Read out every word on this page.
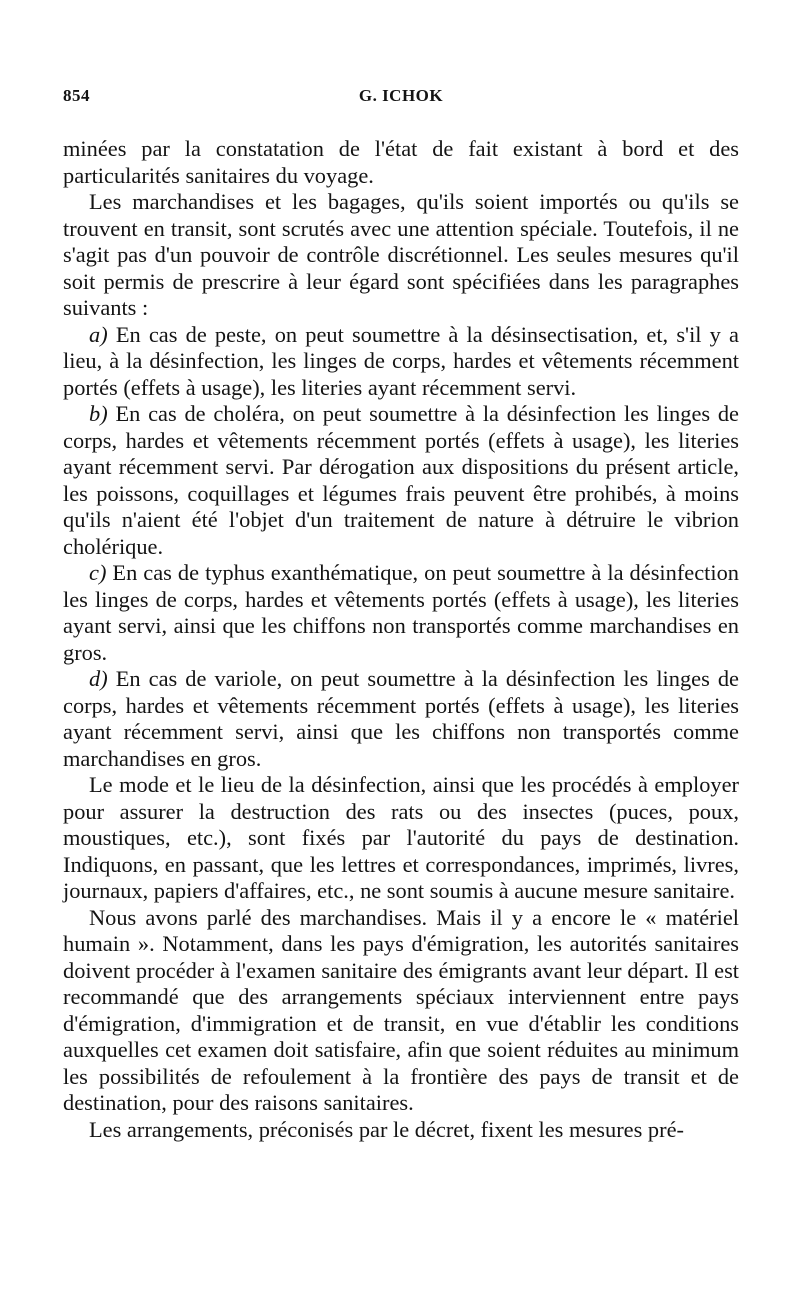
854	G. ICHOK

minées par la constatation de l'état de fait existant à bord et des particularités sanitaires du voyage.

Les marchandises et les bagages, qu'ils soient importés ou qu'ils se trouvent en transit, sont scrutés avec une attention spéciale. Toutefois, il ne s'agit pas d'un pouvoir de contrôle discrétionnel. Les seules mesures qu'il soit permis de prescrire à leur égard sont spécifiées dans les paragraphes suivants :

a) En cas de peste, on peut soumettre à la désinsectisation, et, s'il y a lieu, à la désinfection, les linges de corps, hardes et vêtements récemment portés (effets à usage), les literies ayant récemment servi.

b) En cas de choléra, on peut soumettre à la désinfection les linges de corps, hardes et vêtements récemment portés (effets à usage), les literies ayant récemment servi. Par dérogation aux dispositions du présent article, les poissons, coquillages et légumes frais peuvent être prohibés, à moins qu'ils n'aient été l'objet d'un traitement de nature à détruire le vibrion cholérique.

c) En cas de typhus exanthématique, on peut soumettre à la désinfection les linges de corps, hardes et vêtements portés (effets à usage), les literies ayant servi, ainsi que les chiffons non transportés comme marchandises en gros.

d) En cas de variole, on peut soumettre à la désinfection les linges de corps, hardes et vêtements récemment portés (effets à usage), les literies ayant récemment servi, ainsi que les chiffons non transportés comme marchandises en gros.

Le mode et le lieu de la désinfection, ainsi que les procédés à employer pour assurer la destruction des rats ou des insectes (puces, poux, moustiques, etc.), sont fixés par l'autorité du pays de destination. Indiquons, en passant, que les lettres et correspondances, imprimés, livres, journaux, papiers d'affaires, etc., ne sont soumis à aucune mesure sanitaire.

Nous avons parlé des marchandises. Mais il y a encore le « matériel humain ». Notamment, dans les pays d'émigration, les autorités sanitaires doivent procéder à l'examen sanitaire des émigrants avant leur départ. Il est recommandé que des arrangements spéciaux interviennent entre pays d'émigration, d'immigration et de transit, en vue d'établir les conditions auxquelles cet examen doit satisfaire, afin que soient réduites au minimum les possibilités de refoulement à la frontière des pays de transit et de destination, pour des raisons sanitaires.

Les arrangements, préconisés par le décret, fixent les mesures pré-
